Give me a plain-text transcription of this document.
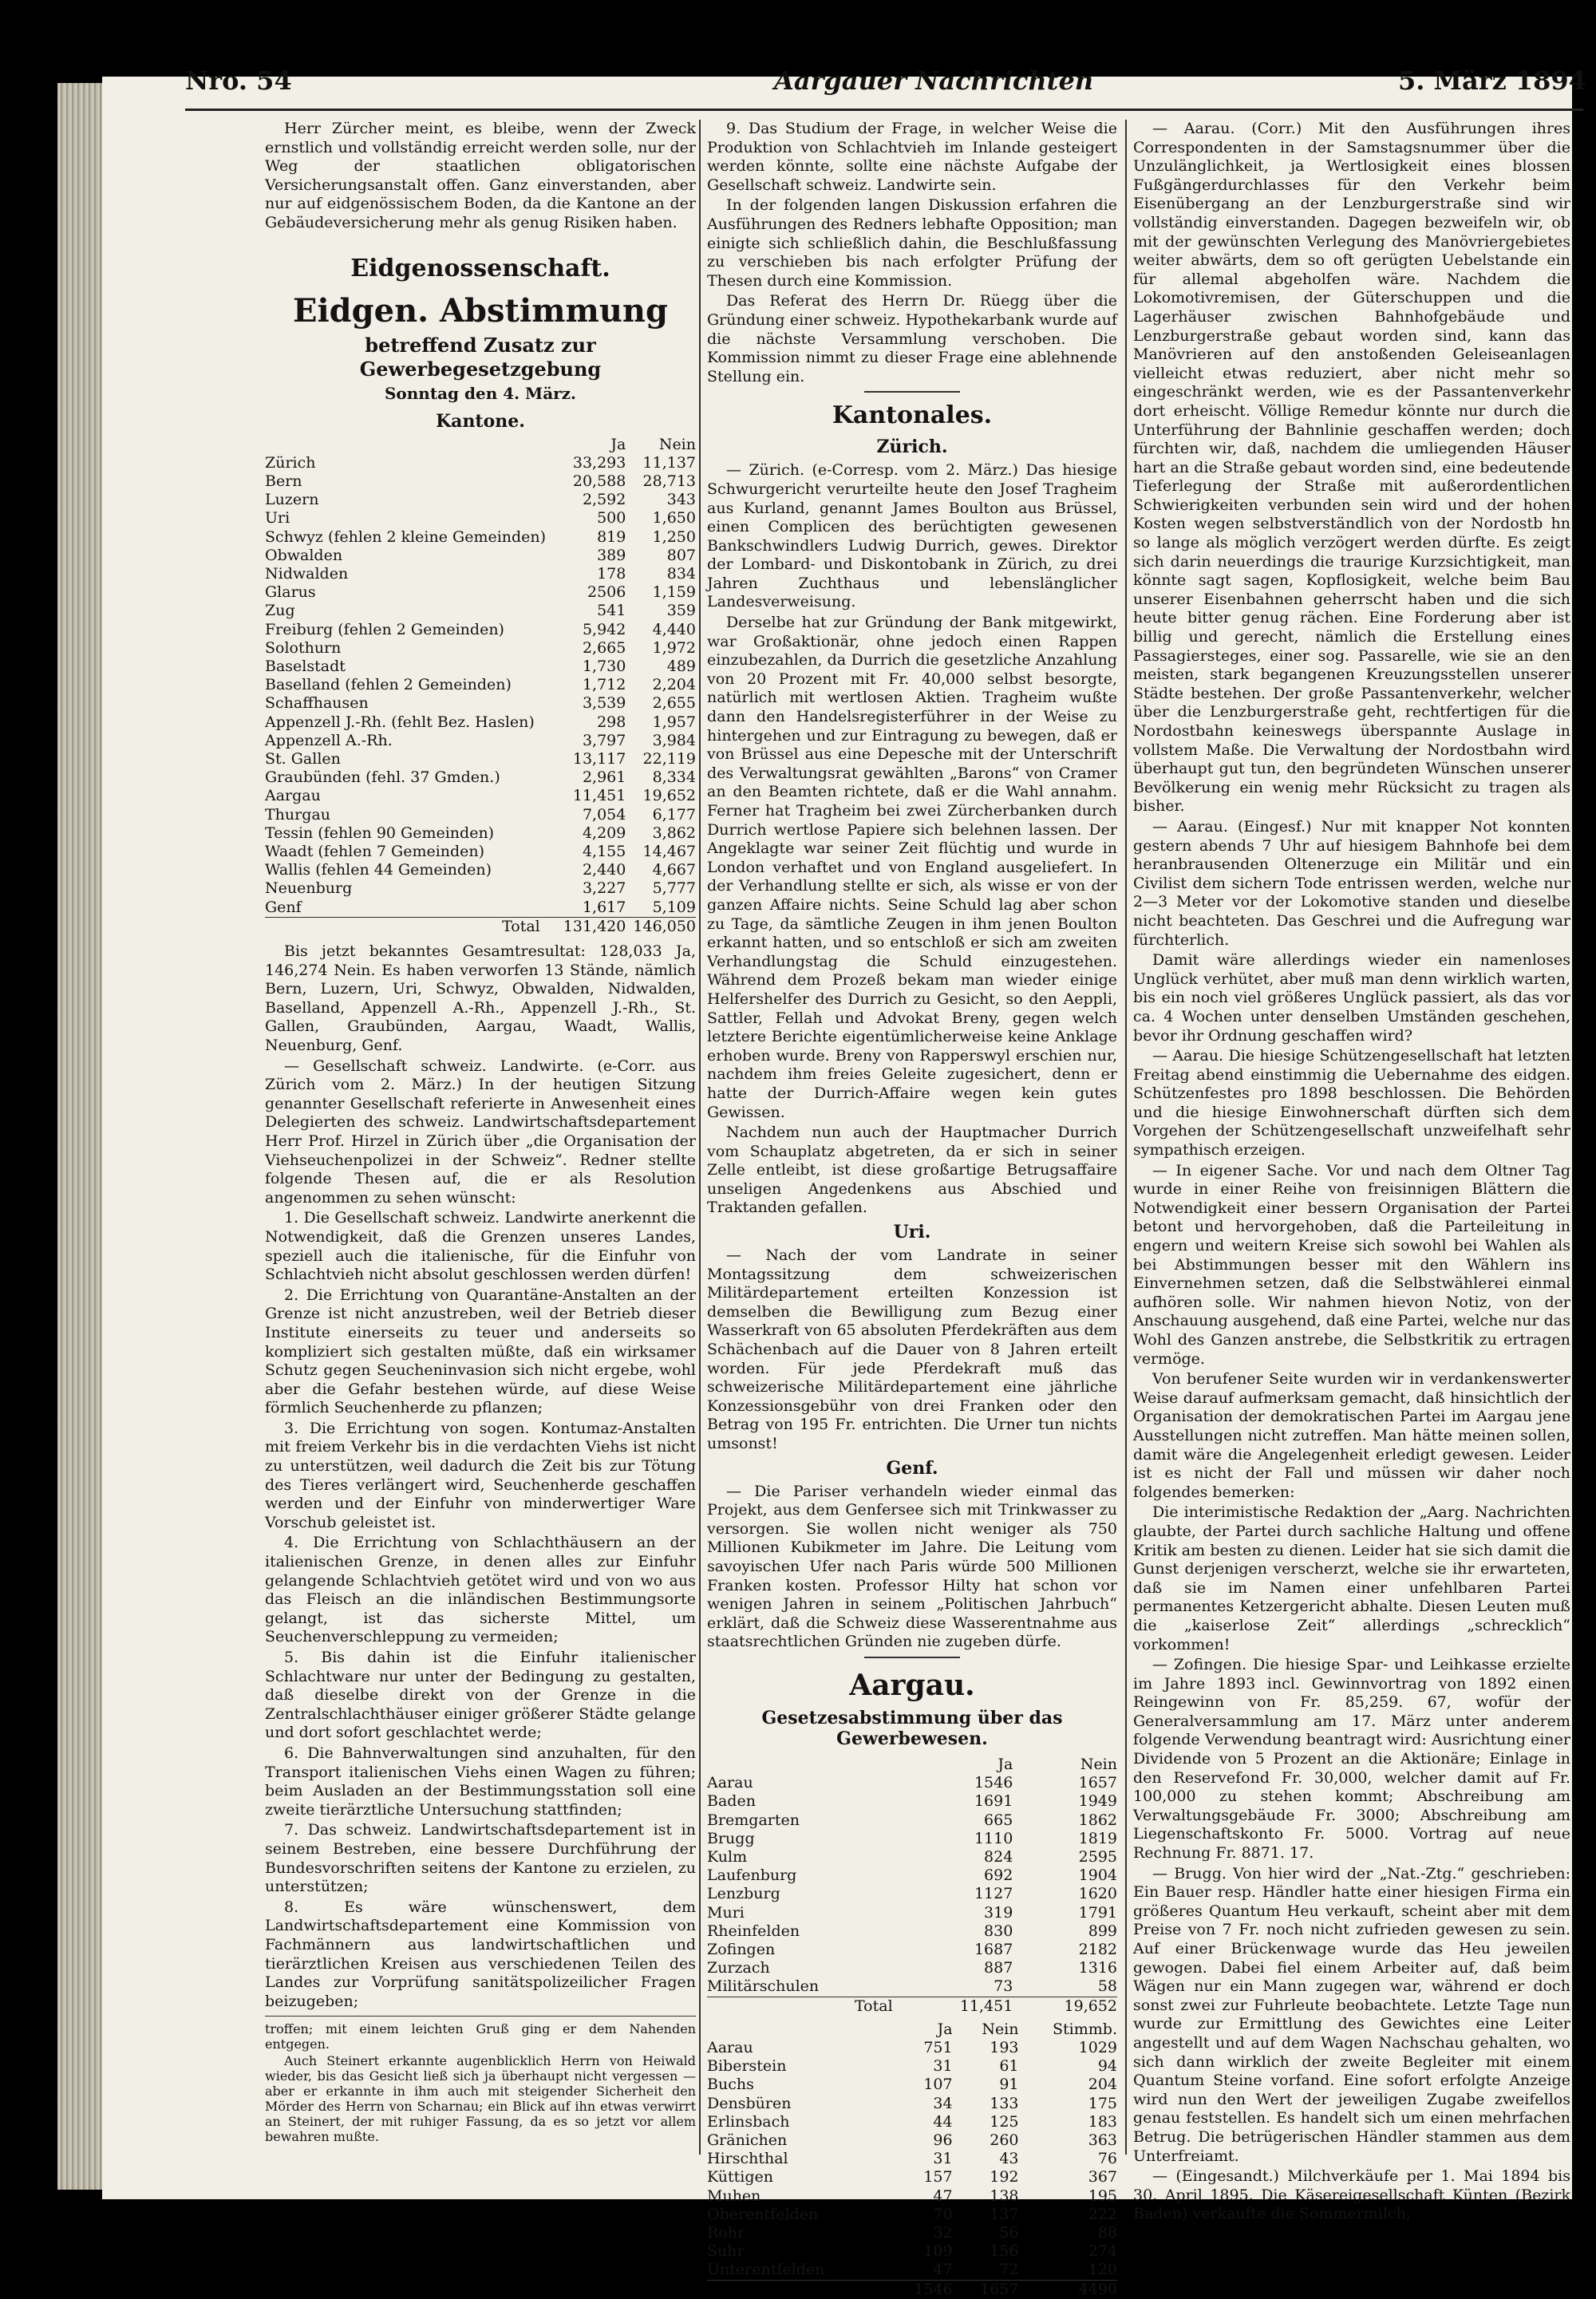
Nro. 54	Aargauer Nachrichten	5. März 1894

Herr Zürcher meint, es bleibe, wenn der Zweck ernstlich und vollständig erreicht werden solle, nur der Weg der staatlichen obligatorischen Versicherungsanstalt offen. Ganz einverstanden, aber nur auf eidgenössischem Boden, da die Kantone an der Gebäudeversicherung mehr als genug Risiken haben.

Eidgenossenschaft.
Eidgen. Abstimmung
betreffend Zusatz zur Gewerbegesetzgebung
Sonntag den 4. März.
Kantone.
	Ja	Nein
Zürich	33,293	11,137
Bern	20,588	28,713
Luzern	2,592	343
Uri	500	1,650
Schwyz (fehlen 2 kleine Gemeinden)	819	1,250
Obwalden	389	807
Nidwalden	178	834
Glarus	2506	1,159
Zug	541	359
Freiburg (fehlen 2 Gemeinden)	5,942	4,440
Solothurn	2,665	1,972
Baselstadt	1,730	489
Baselland (fehlen 2 Gemeinden)	1,712	2,204
Schaffhausen	3,539	2,655
Appenzell J.-Rh. (fehlt Bez. Haslen)	298	1,957
Appenzell A.-Rh.	3,797	3,984
St. Gallen	13,117	22,119
Graubünden (fehl. 37 Gmden.)	2,961	8,334
Aargau	11,451	19,652
Thurgau	7,054	6,177
Tessin (fehlen 90 Gemeinden)	4,209	3,862
Waadt (fehlen 7 Gemeinden)	4,155	14,467
Wallis (fehlen 44 Gemeinden)	2,440	4,667
Neuenburg	3,227	5,777
Genf	1,617	5,109
Total	131,420	146,050

Bis jetzt bekanntes Gesamtresultat: 128,033 Ja, 146,274 Nein. Es haben verworfen 13 Stände, nämlich Bern, Luzern, Uri, Schwyz, Obwalden, Nidwalden, Baselland, Appenzell A.-Rh., Appenzell J.-Rh., St. Gallen, Graubünden, Aargau, Waadt, Wallis, Neuenburg, Genf.

— Gesellschaft schweiz. Landwirte. (e-Corr. aus Zürich vom 2. März.) In der heutigen Sitzung genannter Gesellschaft referierte in Anwesenheit eines Delegierten des schweiz. Landwirtschaftsdepartement Herr Prof. Hirzel in Zürich über „die Organisation der Viehseuchenpolizei in der Schweiz“. Redner stellte folgende Thesen auf, die er als Resolution angenommen zu sehen wünscht:

1. Die Gesellschaft schweiz. Landwirte anerkennt die Notwendigkeit, daß die Grenzen unseres Landes, speziell auch die italienische, für die Einfuhr von Schlachtvieh nicht absolut geschlossen werden dürfen!

2. Die Errichtung von Quarantäne-Anstalten an der Grenze ist nicht anzustreben, weil der Betrieb dieser Institute einerseits zu teuer und anderseits so kompliziert sich gestalten müßte, daß ein wirksamer Schutz gegen Seucheninvasion sich nicht ergebe, wohl aber die Gefahr bestehen würde, auf diese Weise förmlich Seuchenherde zu pflanzen;

3. Die Errichtung von sogen. Kontumaz-Anstalten mit freiem Verkehr bis in die verdachten Viehs ist nicht zu unterstützen, weil dadurch die Zeit bis zur Tötung des Tieres verlängert wird, Seuchenherde geschaffen werden und der Einfuhr von minderwertiger Ware Vorschub geleistet ist.

4. Die Errichtung von Schlachthäusern an der italienischen Grenze, in denen alles zur Einfuhr gelangende Schlachtvieh getötet wird und von wo aus das Fleisch an die inländischen Bestimmungsorte gelangt, ist das sicherste Mittel, um Seuchenverschleppung zu vermeiden;

5. Bis dahin ist die Einfuhr italienischer Schlachtware nur unter der Bedingung zu gestalten, daß dieselbe direkt von der Grenze in die Zentralschlachthäuser einiger größerer Städte gelange und dort sofort geschlachtet werde;

6. Die Bahnverwaltungen sind anzuhalten, für den Transport italienischen Viehs einen Wagen zu führen; beim Ausladen an der Bestimmungsstation soll eine zweite tierärztliche Untersuchung stattfinden;

7. Das schweiz. Landwirtschaftsdepartement ist in seinem Bestreben, eine bessere Durchführung der Bundesvorschriften seitens der Kantone zu erzielen, zu unterstützen;

8. Es wäre wünschenswert, dem Landwirtschaftsdepartement eine Kommission von Fachmännern aus landwirtschaftlichen und tierärztlichen Kreisen aus verschiedenen Teilen des Landes zur Vorprüfung sanitätspolizeilicher Fragen beizugeben;

troffen; mit einem leichten Gruß ging er dem Nahenden entgegen.

Auch Steinert erkannte augenblicklich Herrn von Heiwald wieder, bis das Gesicht ließ sich ja überhaupt nicht vergessen — aber er erkannte in ihm auch mit steigender Sicherheit den Mörder des Herrn von Scharnau; ein Blick auf ihn etwas verwirrt an Steinert, der mit ruhiger Fassung, da es so jetzt vor allem bewahren mußte.

9. Das Studium der Frage, in welcher Weise die Produktion von Schlachtvieh im Inlande gesteigert werden könnte, sollte eine nächste Aufgabe der Gesellschaft schweiz. Landwirte sein.

In der folgenden langen Diskussion erfahren die Ausführungen des Redners lebhafte Opposition; man einigte sich schließlich dahin, die Beschlußfassung zu verschieben bis nach erfolgter Prüfung der Thesen durch eine Kommission.

Das Referat des Herrn Dr. Rüegg über die Gründung einer schweiz. Hypothekarbank wurde auf die nächste Versammlung verschoben. Die Kommission nimmt zu dieser Frage eine ablehnende Stellung ein.

Kantonales.
Zürich.

— Zürich. (e-Corresp. vom 2. März.) Das hiesige Schwurgericht verurteilte heute den Josef Tragheim aus Kurland, genannt James Boulton aus Brüssel, einen Complicen des berüchtigten gewesenen Bankschwindlers Ludwig Durrich, gewes. Direktor der Lombard- und Diskontobank in Zürich, zu drei Jahren Zuchthaus und lebenslänglicher Landesverweisung.

Derselbe hat zur Gründung der Bank mitgewirkt, war Großaktionär, ohne jedoch einen Rappen einzubezahlen, da Durrich die gesetzliche Anzahlung von 20 Prozent mit Fr. 40,000 selbst besorgte, natürlich mit wertlosen Aktien. Tragheim wußte dann den Handelsregisterführer in der Weise zu hintergehen und zur Eintragung zu bewegen, daß er von Brüssel aus eine Depesche mit der Unterschrift des Verwaltungsrat gewählten „Barons“ von Cramer an den Beamten richtete, daß er die Wahl annahm. Ferner hat Tragheim bei zwei Zürcherbanken durch Durrich wertlose Papiere sich belehnen lassen. Der Angeklagte war seiner Zeit flüchtig und wurde in London verhaftet und von England ausgeliefert. In der Verhandlung stellte er sich, als wisse er von der ganzen Affaire nichts. Seine Schuld lag aber schon zu Tage, da sämtliche Zeugen in ihm jenen Boulton erkannt hatten, und so entschloß er sich am zweiten Verhandlungstag die Schuld einzugestehen. Während dem Prozeß bekam man wieder einige Helfershelfer des Durrich zu Gesicht, so den Aeppli, Sattler, Fellah und Advokat Breny, gegen welch letztere Berichte eigentümlicherweise keine Anklage erhoben wurde. Breny von Rapperswyl erschien nur, nachdem ihm freies Geleite zugesichert, denn er hatte der Durrich-Affaire wegen kein gutes Gewissen.

Nachdem nun auch der Hauptmacher Durrich vom Schauplatz abgetreten, da er sich in seiner Zelle entleibt, ist diese großartige Betrugsaffaire unseligen Angedenkens aus Abschied und Traktanden gefallen.

Uri.

— Nach der vom Landrate in seiner Montagssitzung dem schweizerischen Militärdepartement erteilten Konzession ist demselben die Bewilligung zum Bezug einer Wasserkraft von 65 absoluten Pferdekräften aus dem Schächenbach auf die Dauer von 8 Jahren erteilt worden. Für jede Pferdekraft muß das schweizerische Militärdepartement eine jährliche Konzessionsgebühr von drei Franken oder den Betrag von 195 Fr. entrichten. Die Urner tun nichts umsonst!

Genf.

— Die Pariser verhandeln wieder einmal das Projekt, aus dem Genfersee sich mit Trinkwasser zu versorgen. Sie wollen nicht weniger als 750 Millionen Kubikmeter im Jahre. Die Leitung vom savoyischen Ufer nach Paris würde 500 Millionen Franken kosten. Professor Hilty hat schon vor wenigen Jahren in seinem „Politischen Jahrbuch“ erklärt, daß die Schweiz diese Wasserentnahme aus staatsrechtlichen Gründen nie zugeben dürfe.

Aargau.
Gesetzesabstimmung über das Gewerbewesen.
	Ja	Nein
Aarau	1546	1657
Baden	1691	1949
Bremgarten	665	1862
Brugg	1110	1819
Kulm	824	2595
Laufenburg	692	1904
Lenzburg	1127	1620
Muri	319	1791
Rheinfelden	830	899
Zofingen	1687	2182
Zurzach	887	1316
Militärschulen	73	58
Total	11,451	19,652
	Ja	Nein	Stimmb.
Aarau	751	193	1029
Biberstein	31	61	94
Buchs	107	91	204
Densbüren	34	133	175
Erlinsbach	44	125	183
Gränichen	96	260	363
Hirschthal	31	43	76
Küttigen	157	192	367
Muhen	47	138	195
Oberentfelden	70	137	222
Rohr	32	56	88
Suhr	109	156	274
Unterentfelden	47	72	120
	1546	1657	4490

— Aarau. (Corr.) Mit den Ausführungen ihres Correspondenten in der Samstagsnummer über die Unzulänglichkeit, ja Wertlosigkeit eines blossen Fußgängerdurchlasses für den Verkehr beim Eisenübergang an der Lenzburgerstraße sind wir vollständig einverstanden. Dagegen bezweifeln wir, ob mit der gewünschten Verlegung des Manövriergebietes weiter abwärts, dem so oft gerügten Uebelstande ein für allemal abgeholfen wäre. Nachdem die Lokomotivremisen, der Güterschuppen und die Lagerhäuser zwischen Bahnhofgebäude und Lenzburgerstraße gebaut worden sind, kann das Manövrieren auf den anstoßenden Geleiseanlagen vielleicht etwas reduziert, aber nicht mehr so eingeschränkt werden, wie es der Passantenverkehr dort erheischt. Völlige Remedur könnte nur durch die Unterführung der Bahnlinie geschaffen werden; doch fürchten wir, daß, nachdem die umliegenden Häuser hart an die Straße gebaut worden sind, eine bedeutende Tieferlegung der Straße mit außerordentlichen Schwierigkeiten verbunden sein wird und der hohen Kosten wegen selbstverständlich von der Nordostb hn so lange als möglich verzögert werden dürfte. Es zeigt sich darin neuerdings die traurige Kurzsichtigkeit, man könnte sagt sagen, Kopflosigkeit, welche beim Bau unserer Eisenbahnen geherrscht haben und die sich heute bitter genug rächen. Eine Forderung aber ist billig und gerecht, nämlich die Erstellung eines Passagiersteges, einer sog. Passarelle, wie sie an den meisten, stark begangenen Kreuzungsstellen unserer Städte bestehen. Der große Passantenverkehr, welcher über die Lenzburgerstraße geht, rechtfertigen für die Nordostbahn keineswegs überspannte Auslage in vollstem Maße. Die Verwaltung der Nordostbahn wird überhaupt gut tun, den begründeten Wünschen unserer Bevölkerung ein wenig mehr Rücksicht zu tragen als bisher.

— Aarau. (Eingesf.) Nur mit knapper Not konnten gestern abends 7 Uhr auf hiesigem Bahnhofe bei dem heranbrausenden Oltenerzuge ein Militär und ein Civilist dem sichern Tode entrissen werden, welche nur 2—3 Meter vor der Lokomotive standen und dieselbe nicht beachteten. Das Geschrei und die Aufregung war fürchterlich.

Damit wäre allerdings wieder ein namenloses Unglück verhütet, aber muß man denn wirklich warten, bis ein noch viel größeres Unglück passiert, als das vor ca. 4 Wochen unter denselben Umständen geschehen, bevor ihr Ordnung geschaffen wird?

— Aarau. Die hiesige Schützengesellschaft hat letzten Freitag abend einstimmig die Uebernahme des eidgen. Schützenfestes pro 1898 beschlossen. Die Behörden und die hiesige Einwohnerschaft dürften sich dem Vorgehen der Schützengesellschaft unzweifelhaft sehr sympathisch erzeigen.

— In eigener Sache. Vor und nach dem Oltner Tag wurde in einer Reihe von freisinnigen Blättern die Notwendigkeit einer bessern Organisation der Partei betont und hervorgehoben, daß die Parteileitung in engern und weitern Kreise sich sowohl bei Wahlen als bei Abstimmungen besser mit den Wählern ins Einvernehmen setzen, daß die Selbstwählerei einmal aufhören solle. Wir nahmen hievon Notiz, von der Anschauung ausgehend, daß eine Partei, welche nur das Wohl des Ganzen anstrebe, die Selbstkritik zu ertragen vermöge.

Von berufener Seite wurden wir in verdankenswerter Weise darauf aufmerksam gemacht, daß hinsichtlich der Organisation der demokratischen Partei im Aargau jene Ausstellungen nicht zutreffen. Man hätte meinen sollen, damit wäre die Angelegenheit erledigt gewesen. Leider ist es nicht der Fall und müssen wir daher noch folgendes bemerken:

Die interimistische Redaktion der „Aarg. Nachrichten glaubte, der Partei durch sachliche Haltung und offene Kritik am besten zu dienen. Leider hat sie sich damit die Gunst derjenigen verscherzt, welche sie ihr erwarteten, daß sie im Namen einer unfehlbaren Partei permanentes Ketzergericht abhalte. Diesen Leuten muß die „kaiserlose Zeit“ allerdings „schrecklich“ vorkommen!

— Zofingen. Die hiesige Spar- und Leihkasse erzielte im Jahre 1893 incl. Gewinnvortrag von 1892 einen Reingewinn von Fr. 85,259. 67, wofür der Generalversammlung am 17. März unter anderem folgende Verwendung beantragt wird: Ausrichtung einer Dividende von 5 Prozent an die Aktionäre; Einlage in den Reservefond Fr. 30,000, welcher damit auf Fr. 100,000 zu stehen kommt; Abschreibung am Verwaltungsgebäude Fr. 3000; Abschreibung am Liegenschaftskonto Fr. 5000. Vortrag auf neue Rechnung Fr. 8871. 17.

— Brugg. Von hier wird der „Nat.-Ztg.“ geschrieben: Ein Bauer resp. Händler hatte einer hiesigen Firma ein größeres Quantum Heu verkauft, scheint aber mit dem Preise von 7 Fr. noch nicht zufrieden gewesen zu sein. Auf einer Brückenwage wurde das Heu jeweilen gewogen. Dabei fiel einem Arbeiter auf, daß beim Wägen nur ein Mann zugegen war, während er doch sonst zwei zur Fuhrleute beobachtete. Letzte Tage nun wurde zur Ermittlung des Gewichtes eine Leiter angestellt und auf dem Wagen Nachschau gehalten, wo sich dann wirklich der zweite Begleiter mit einem Quantum Steine vorfand. Eine sofort erfolgte Anzeige wird nun den Wert der jeweiligen Zugabe zweifellos genau feststellen. Es handelt sich um einen mehrfachen Betrug. Die betrügerischen Händler stammen aus dem Unterfreiamt.

— (Eingesandt.) Milchverkäufe per 1. Mai 1894 bis 30. April 1895. Die Käsereigesellschaft Künten (Bezirk Baden) verkaufte die Sommermilch,
